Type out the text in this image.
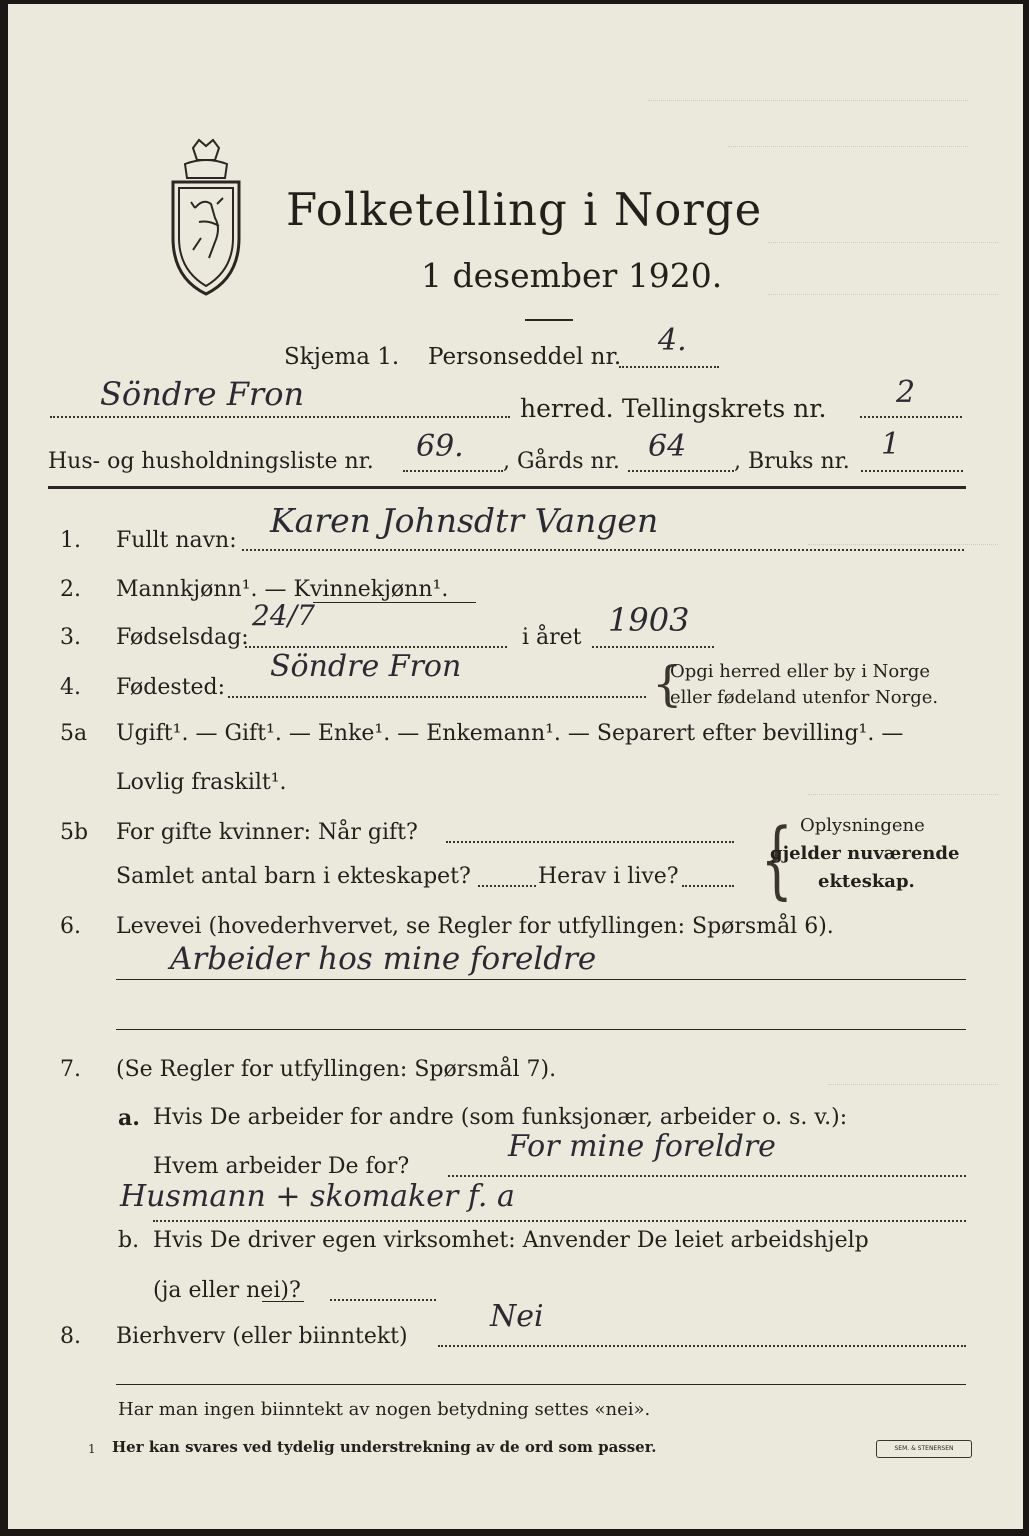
Folketelling i Norge
1 desember 1920.
Skjema 1. Personseddel nr. 4.
Söndre Fron	herred. Tellingskrets nr. 2
Hus- og husholdningsliste nr. 69. , Gårds nr. 64 , Bruks nr. 1
1. Fullt navn:
Karen Johnsdtr Vangen
2. Mannkjønn¹. — Kvinnekjønn¹.
3. Fødselsdag:
24/7
i året 1903
4. Fødested:
Söndre Fron	{
Opgi herred eller by i Norge
eller fødeland utenfor Norge.
5a Ugift¹. — Gift¹. — Enke¹. — Enkemann¹. — Separert efter bevilling¹. —
Lovlig fraskilt¹.
5b For gifte kvinner: Når gift?
Samlet antal barn i ekteskapet?	Herav i live? { Oplysningene
gjelder nuværende
ekteskap.
6. Levevei (hovederhvervet, se Regler for utfyllingen: Spørsmål 6).
Arbeider hos mine foreldre
7. (Se Regler for utfyllingen: Spørsmål 7).
a. Hvis De arbeider for andre (som funksjonær, arbeider o. s. v.):
Hvem arbeider De for?
For mine foreldre
Husmann + skomaker f. a
b. Hvis De driver egen virksomhet: Anvender De leiet arbeidshjelp
(ja eller nei)?
8. Bierhverv (eller biinntekt)
Nei
Har man ingen biinntekt av nogen betydning settes «nei».
1 Her kan svares ved tydelig understrekning av de ord som passer.	SEM. & STENERSEN
